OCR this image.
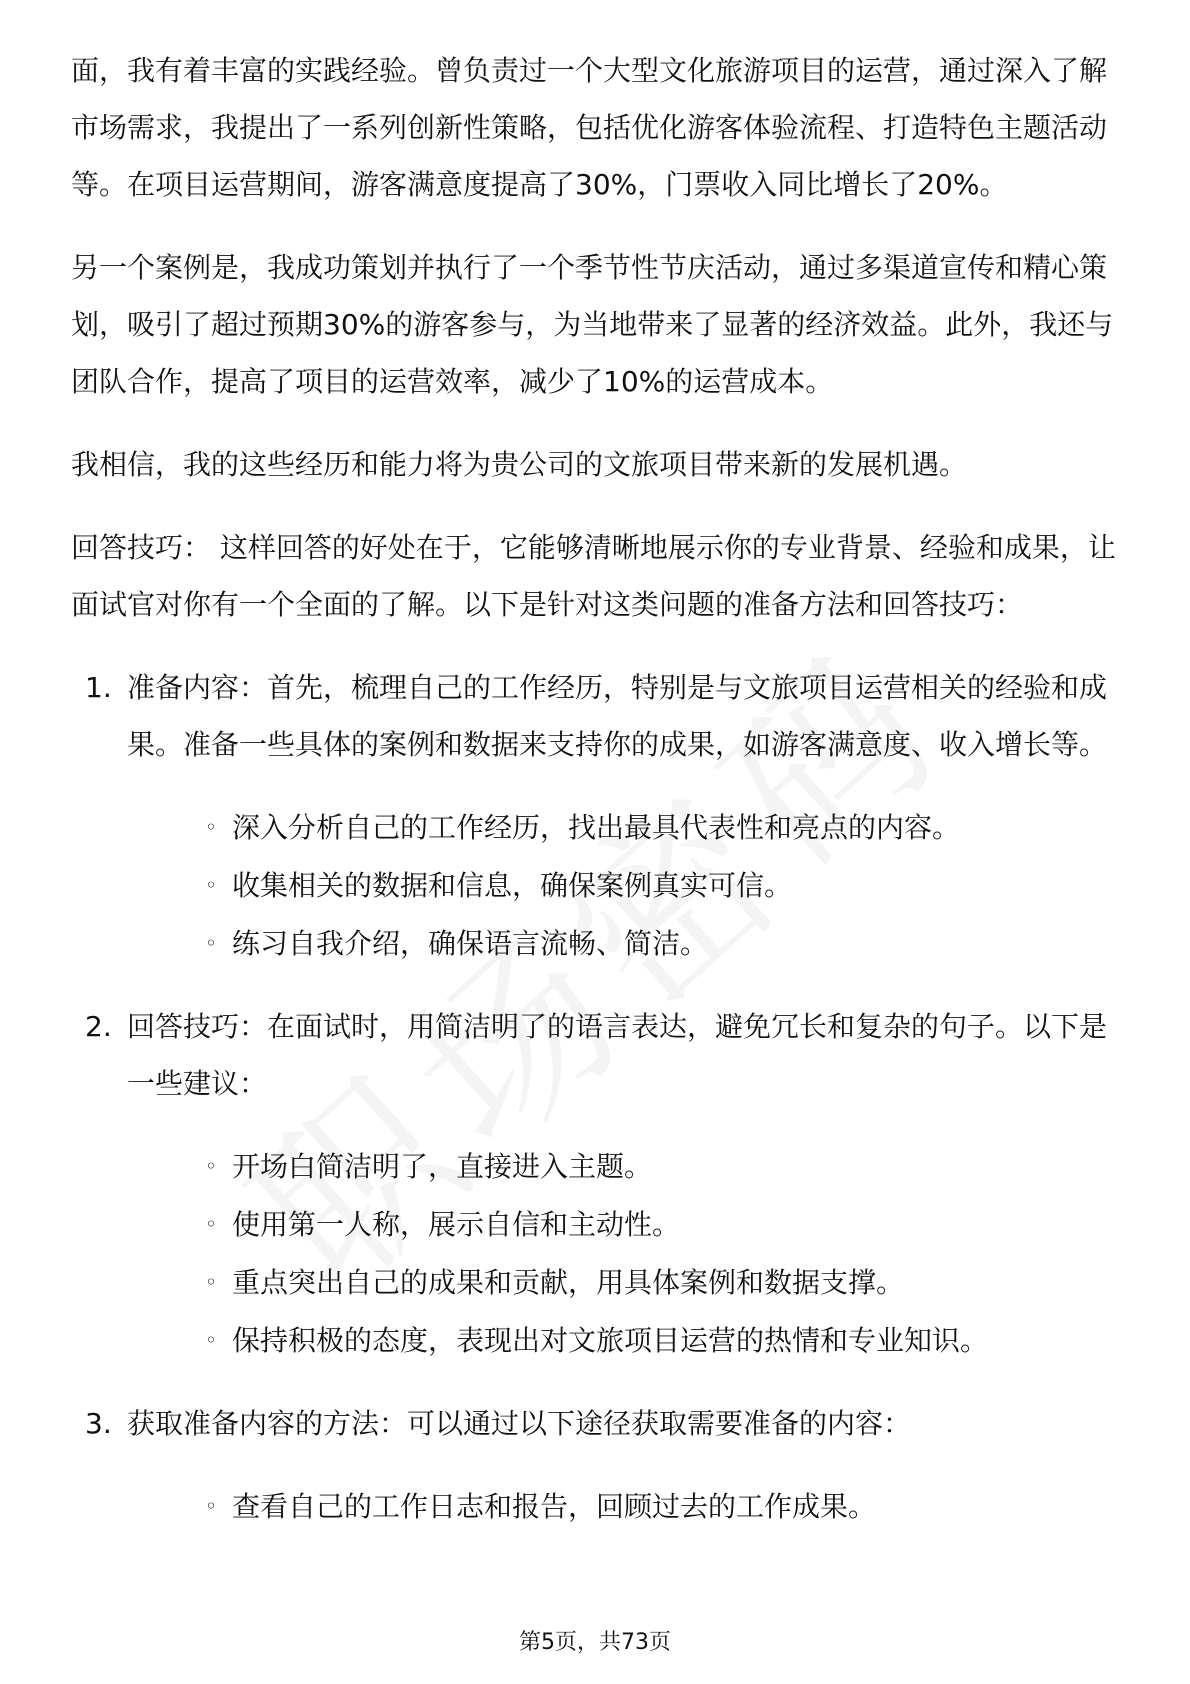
面，我有着丰富的实践经验。曾负责过一个大型文化旅游项目的运营，通过深入了解市场需求，我提出了一系列创新性策略，包括优化游客体验流程、打造特色主题活动等。在项目运营期间，游客满意度提高了30%，门票收入同比增长了20%。

另一个案例是，我成功策划并执行了一个季节性节庆活动，通过多渠道宣传和精心策划，吸引了超过预期30%的游客参与，为当地带来了显著的经济效益。此外，我还与团队合作，提高了项目的运营效率，减少了10%的运营成本。

我相信，我的这些经历和能力将为贵公司的文旅项目带来新的发展机遇。

回答技巧： 这样回答的好处在于，它能够清晰地展示你的专业背景、经验和成果，让面试官对你有一个全面的了解。以下是针对这类问题的准备方法和回答技巧：

1. 准备内容：首先，梳理自己的工作经历，特别是与文旅项目运营相关的经验和成果。准备一些具体的案例和数据来支持你的成果，如游客满意度、收入增长等。

◦ 深入分析自己的工作经历，找出最具代表性和亮点的内容。
◦ 收集相关的数据和信息，确保案例真实可信。
◦ 练习自我介绍，确保语言流畅、简洁。
2. 回答技巧：在面试时，用简洁明了的语言表达，避免冗长和复杂的句子。以下是一些建议：

◦ 开场白简洁明了，直接进入主题。
◦ 使用第一人称，展示自信和主动性。
◦ 重点突出自己的成果和贡献，用具体案例和数据支撑。
◦ 保持积极的态度，表现出对文旅项目运营的热情和专业知识。
3. 获取准备内容的方法：可以通过以下途径获取需要准备的内容：

◦ 查看自己的工作日志和报告，回顾过去的工作成果。
第5页，共73页
